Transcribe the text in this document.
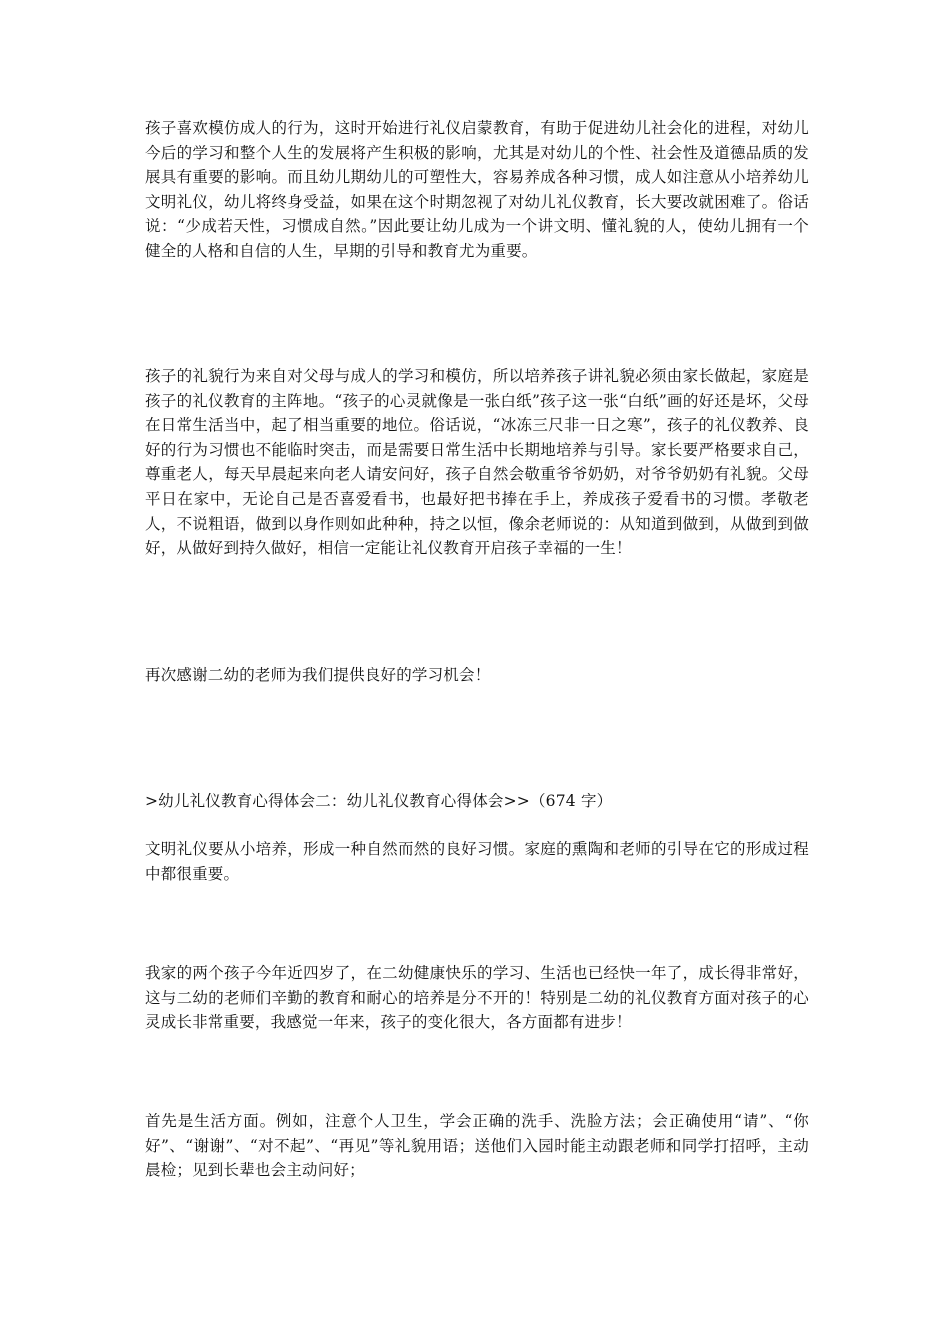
孩子喜欢模仿成人的行为，这时开始进行礼仪启蒙教育，有助于促进幼儿社会化的进程，对幼儿今后的学习和整个人生的发展将产生积极的影响，尤其是对幼儿的个性、社会性及道德品质的发展具有重要的影响。而且幼儿期幼儿的可塑性大，容易养成各种习惯，成人如注意从小培养幼儿文明礼仪，幼儿将终身受益，如果在这个时期忽视了对幼儿礼仪教育，长大要改就困难了。俗话说：“少成若天性，习惯成自然。”因此要让幼儿成为一个讲文明、懂礼貌的人，使幼儿拥有一个健全的人格和自信的人生，早期的引导和教育尤为重要。

孩子的礼貌行为来自对父母与成人的学习和模仿，所以培养孩子讲礼貌必须由家长做起，家庭是孩子的礼仪教育的主阵地。“孩子的心灵就像是一张白纸”孩子这一张“白纸”画的好还是坏，父母在日常生活当中，起了相当重要的地位。俗话说，“冰冻三尺非一日之寒”，孩子的礼仪教养、良好的行为习惯也不能临时突击，而是需要日常生活中长期地培养与引导。家长要严格要求自己，尊重老人，每天早晨起来向老人请安问好，孩子自然会敬重爷爷奶奶，对爷爷奶奶有礼貌。父母平日在家中，无论自己是否喜爱看书，也最好把书捧在手上，养成孩子爱看书的习惯。孝敬老人，不说粗语，做到以身作则如此种种，持之以恒，像余老师说的：从知道到做到，从做到到做好，从做好到持久做好，相信一定能让礼仪教育开启孩子幸福的一生！

再次感谢二幼的老师为我们提供良好的学习机会！

>幼儿礼仪教育心得体会二：幼儿礼仪教育心得体会>>（674 字）

文明礼仪要从小培养，形成一种自然而然的良好习惯。家庭的熏陶和老师的引导在它的形成过程中都很重要。

我家的两个孩子今年近四岁了，在二幼健康快乐的学习、生活也已经快一年了，成长得非常好，这与二幼的老师们辛勤的教育和耐心的培养是分不开的！特别是二幼的礼仪教育方面对孩子的心灵成长非常重要，我感觉一年来，孩子的变化很大，各方面都有进步！

首先是生活方面。例如，注意个人卫生，学会正确的洗手、洗脸方法；会正确使用“请”、“你好”、“谢谢”、“对不起”、“再见”等礼貌用语；送他们入园时能主动跟老师和同学打招呼，主动晨检；见到长辈也会主动问好；
